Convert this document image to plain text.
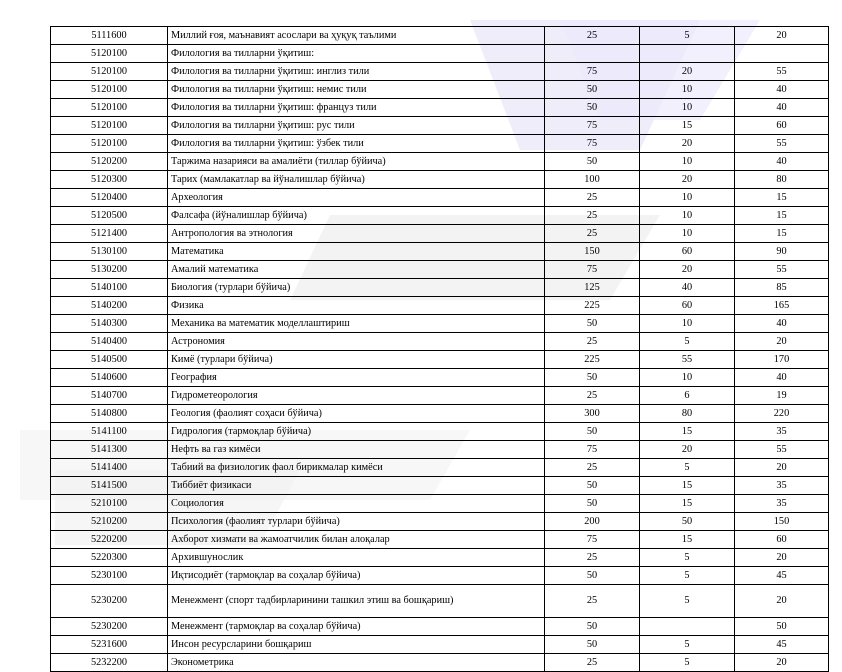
5111600	Миллий ғоя, маънавият асослари ва ҳуқуқ таълими	25	5	20
5120100	Филология ва тилларни ўқитиш:			
5120100	Филология ва тилларни ўқитиш: инглиз тили	75	20	55
5120100	Филология ва тилларни ўқитиш: немис тили	50	10	40
5120100	Филология ва тилларни ўқитиш: француз тили	50	10	40
5120100	Филология ва тилларни ўқитиш: рус тили	75	15	60
5120100	Филология ва тилларни ўқитиш: ўзбек тили	75	20	55
5120200	Таржима назарияси ва амалиёти (тиллар бўйича)	50	10	40
5120300	Тарих (мамлакатлар ва йўналишлар бўйича)	100	20	80
5120400	Археология	25	10	15
5120500	Фалсафа (йўналишлар бўйича)	25	10	15
5121400	Антропология ва этнология	25	10	15
5130100	Математика	150	60	90
5130200	Амалий математика	75	20	55
5140100	Биология (турлари бўйича)	125	40	85
5140200	Физика	225	60	165
5140300	Механика ва математик моделлаштириш	50	10	40
5140400	Астрономия	25	5	20
5140500	Кимё (турлари бўйича)	225	55	170
5140600	География	50	10	40
5140700	Гидрометеорология	25	6	19
5140800	Геология (фаолият соҳаси бўйича)	300	80	220
5141100	Гидрология (тармоқлар бўйича)	50	15	35
5141300	Нефть ва газ кимёси	75	20	55
5141400	Табиий ва физиологик фаол бирикмалар кимёси	25	5	20
5141500	Тиббиёт физикаси	50	15	35
5210100	Социология	50	15	35
5210200	Психология (фаолият турлари бўйича)	200	50	150
5220200	Ахборот хизмати ва жамоатчилик билан алоқалар	75	15	60
5220300	Архившунослик	25	5	20
5230100	Иқтисодиёт (тармоқлар ва соҳалар бўйича)	50	5	45
5230200	Менежмент (спорт тадбирларинини ташкил этиш ва бошқариш)	25	5	20
5230200	Менежмент (тармоқлар ва соҳалар бўйича)	50		50
5231600	Инсон ресурсларини бошқариш	50	5	45
5232200	Эконометрика	25	5	20
